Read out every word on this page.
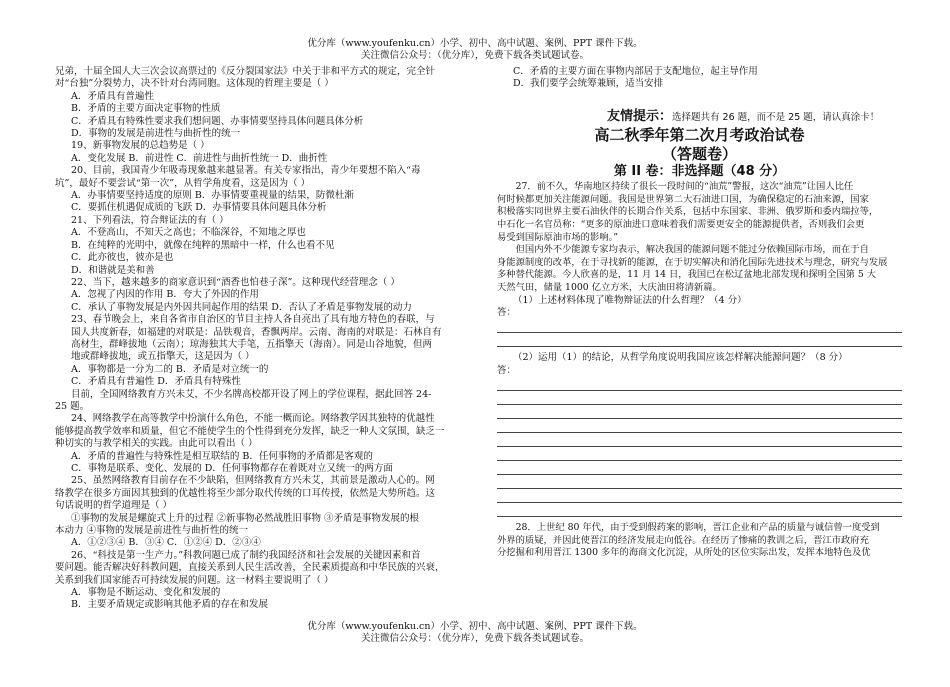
优分库（www.youfenku.cn）小学、初中、高中试题、案例、PPT 课件下载。
关注微信公众号：（优分库），免费下载各类试题试卷。
兄弟，十届全国人大三次会议高票过的《反分裂国家法》中关于非和平方式的规定，完全针
对“台独”分裂势力，决不针对台湾同胞。这体现的哲理主要是（ ）
A．矛盾具有普遍性
B．矛盾的主要方面决定事物的性质
C．矛盾具有特殊性要求我们想问题、办事情要坚持具体问题具体分析
D．事物的发展是前进性与曲折性的统一
19、新事物发展的总趋势是（ ）
A．变化发展 B．前进性 C．前进性与曲折性统一 D．曲折性
20、目前，我国青少年吸毒现象越来越显著。有关专家指出，青少年要想不陷入“毒
坑”，最好不要尝试“第一次”，从哲学角度看，这是因为（ ）
A．办事情要坚持适度的原则 B．办事情要重视量的结果，防微杜渐
C．要抓住机遇促成质的飞跃 D．办事情要具体问题具体分析
21、下列看法，符合辩证法的有（ ）
A．不登高山，不知天之高也；不临深谷，不知地之厚也
B．在纯粹的光明中，就像在纯粹的黑暗中一样，什么也看不见
C．此亦彼也，彼亦是也
D．和谐就是美和善
22、当下，越来越多的商家意识到“酒香也怕巷子深”。这种现代经营理念（ ）
A．忽视了内因的作用 B．夸大了外因的作用
C．承认了事物发展是内外因共同起作用的结果 D．否认了矛盾是事物发展的动力
23、春节晚会上，来自各省市自治区的节目主持人各自亮出了具有地方特色的春联，与
国人共度新春，如福建的对联是：品铁观音，香飘两岸。云南、海南的对联是：石林自有
高材生，群峰拔地（云南）；琼海独其大手笔，五指擎天（海南）。同是山谷地貌，但两
地或群峰拔地，或五指擎天，这是因为（ ）
A．事物都是一分为二的 B．矛盾是对立统一的
C．矛盾具有普遍性 D．矛盾具有特殊性
目前，全国网络教育方兴未艾，不少名牌高校都开设了网上的学位课程，据此回答 24-
25 题。
24、网络教学在高等教学中扮演什么角色，不能一概而论。网络教学因其独特的优越性
能够提高教学效率和质量，但它不能使学生的个性得到充分发挥，缺乏一种人文氛围，缺乏一
种切实的与教学相关的实践。由此可以看出（ ）
A．矛盾的普遍性与特殊性是相互联结的 B．任何事物的矛盾都是客观的
C．事物是联系、变化、发展的 D．任何事物都存在着既对立又统一的两方面
25、虽然网络教育目前存在不少缺陷，但网络教育方兴未艾，其前景是激动人心的。网
络教学在很多方面因其独到的优越性将至少部分取代传统的口耳传授，依然是大势所趋。这
句话说明的哲学道理是（ ）
①事物的发展是螺旋式上升的过程 ②新事物必然战胜旧事物 ③矛盾是事物发展的根
本动力 ④事物的发展是前进性与曲折性的统一
A．①②③④ B．③④ C．①②④ D．②③④
26、“科技是第一生产力。”科教问题已成了制约我国经济和社会发展的关键因素和首
要问题。能否解决好科教问题，直接关系到人民生活改善，全民素质提高和中华民族的兴衰，
关系到我们国家能否可持续发展的问题。这一材料主要说明了（ ）
A．事物是不断运动、变化和发展的
B．主要矛盾规定或影响其他矛盾的存在和发展
C．矛盾的主要方面在事物内部居于支配地位，起主导作用
D．我们要学会统筹兼顾，适当安排
友情提示：选择题共有 26 题，而不是 25 题，请认真涂卡！
高二秋季年第二次月考政治试卷
（答题卷）
第 II 卷：非选择题（48 分）
27．前不久，华南地区持续了很长一段时间的“油荒”警报，这次“油荒”让国人比任
何时候都更加关注能源问题。我国是世界第二大石油进口国，为确保稳定的石油来源，国家
积极落实同世界主要石油伙伴的长期合作关系，包括中东国家、非洲、俄罗斯和委内瑞拉等，
中石化一名官员称：“更多的原油进口意味着我们需要更安全的能源提供者，否则我们会更
易受到国际原油市场的影响。”
但国内外不少能源专家均表示，解决我国的能源问题不能过分依赖国际市场，而在于自
身能源制度的改革，在于寻找新的能源，在于切实解决和消化国际先进技术与理念，研究与发展
多种替代能源。今人欣喜的是，11 月 14 日，我国已在松辽盆地北部发现和探明全国第 5 大
天然气田，储量 1000 亿立方米，大庆油田将清新篇。
（1）上述材料体现了唯物辩证法的什么哲理？（4 分）
答：
（2）运用（1）的结论，从哲学角度说明我国应该怎样解决能源问题？（8 分）
答：
28．上世纪 80 年代，由于受到假药案的影响，晋江企业和产品的质量与诚信曾一度受到
外界的质疑，并因此使晋江的经济发展走向低谷。在经历了惨痛的教训之后，晋江市政府充
分挖掘和利用晋江 1300 多年的海商文化沉淀，从所处的区位实际出发，发挥本地特色及优
优分库（www.youfenku.cn）小学、初中、高中试题、案例、PPT 课件下载。
关注微信公众号：（优分库），免费下载各类试题试卷。
